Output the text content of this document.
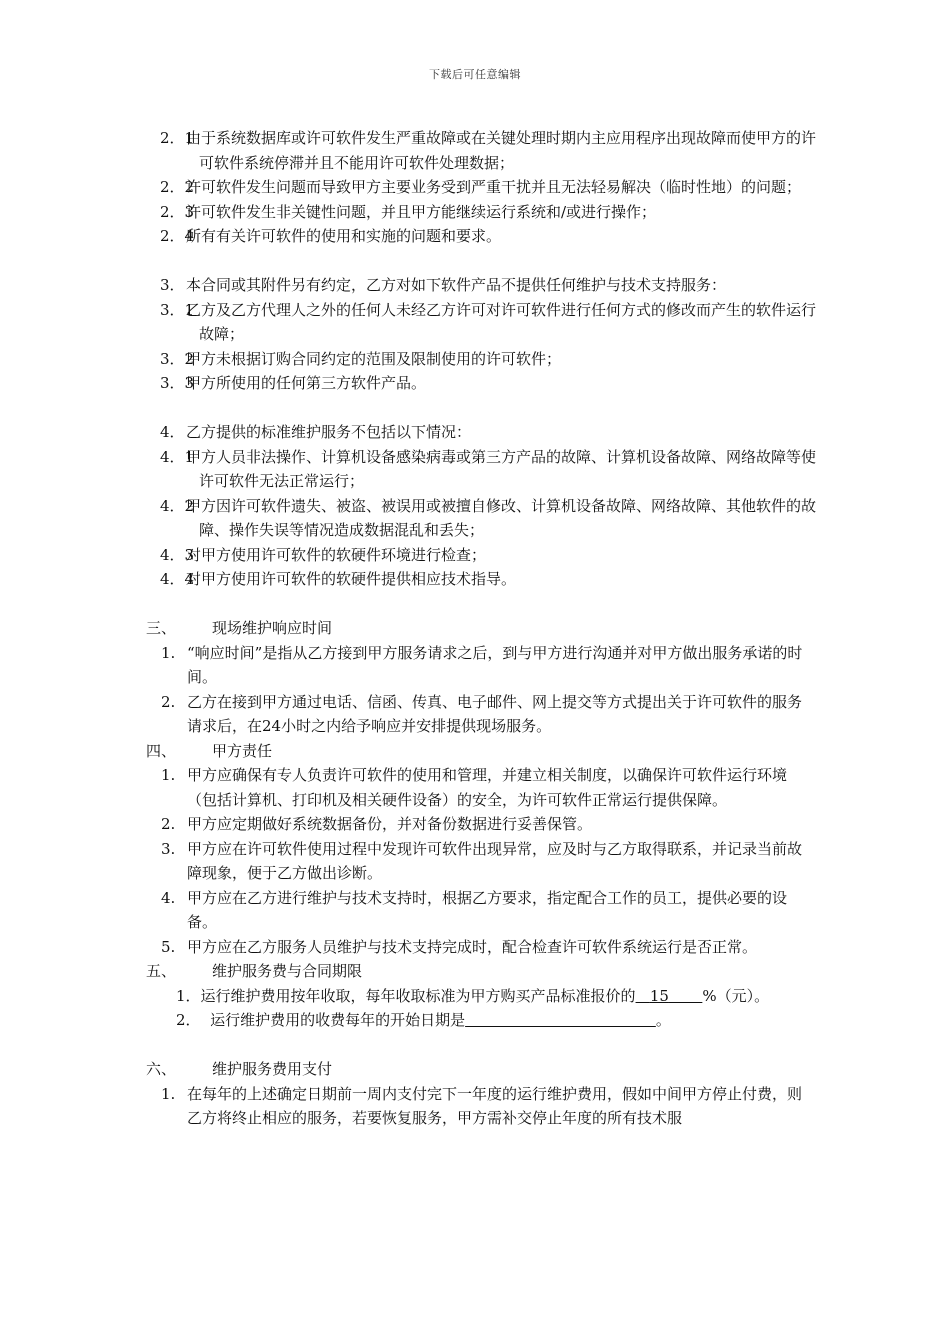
下载后可任意编辑
2．1
由于系统数据库或许可软件发生严重故障或在关键处理时期内主应用程序出现故障而使甲方的许可软件系统停滞并且不能用许可软件处理数据；
2．2
许可软件发生问题而导致甲方主要业务受到严重干扰并且无法轻易解决（临时性地）的问题；
2．3
许可软件发生非关键性问题，并且甲方能继续运行系统和/或进行操作；
2．4
所有有关许可软件的使用和实施的问题和要求。
3． 本合同或其附件另有约定，乙方对如下软件产品不提供任何维护与技术支持服务：
3．1
乙方及乙方代理人之外的任何人未经乙方许可对许可软件进行任何方式的修改而产生的软件运行故障；
3．2
甲方未根据订购合同约定的范围及限制使用的许可软件；
3．3
甲方所使用的任何第三方软件产品。
4． 乙方提供的标准维护服务不包括以下情况：
4．1
甲方人员非法操作、计算机设备感染病毒或第三方产品的故障、计算机设备故障、网络故障等使许可软件无法正常运行；
4．2
甲方因许可软件遗失、被盗、被误用或被擅自修改、计算机设备故障、网络故障、其他软件的故障、操作失误等情况造成数据混乱和丢失；
4．3
对甲方使用许可软件的软硬件环境进行检查；
4．4
对甲方使用许可软件的软硬件提供相应技术指导。
三、 现场维护响应时间
1. “响应时间”是指从乙方接到甲方服务请求之后，到与甲方进行沟通并对甲方做出服务承诺的时间。
2. 乙方在接到甲方通过电话、信函、传真、电子邮件、网上提交等方式提出关于许可软件的服务请求后，在24小时之内给予响应并安排提供现场服务。
四、 甲方责任
1. 甲方应确保有专人负责许可软件的使用和管理，并建立相关制度，以确保许可软件运行环境（包括计算机、打印机及相关硬件设备）的安全，为许可软件正常运行提供保障。
2. 甲方应定期做好系统数据备份，并对备份数据进行妥善保管。
3. 甲方应在许可软件使用过程中发现许可软件出现异常，应及时与乙方取得联系，并记录当前故障现象，便于乙方做出诊断。
4. 甲方应在乙方进行维护与技术支持时，根据乙方要求，指定配合工作的员工，提供必要的设备。
5. 甲方应在乙方服务人员维护与技术支持完成时，配合检查许可软件系统运行是否正常。
五、 维护服务费与合同期限
1．运行维护费用按年收取，每年收取标准为甲方购买产品标准报价的 15 %（元）。
2．  运行维护费用的收费每年的开始日期是	。
六、 维护服务费用支付
1. 在每年的上述确定日期前一周内支付完下一年度的运行维护费用，假如中间甲方停止付费，则乙方将终止相应的服务，若要恢复服务，甲方需补交停止年度的所有技术服
